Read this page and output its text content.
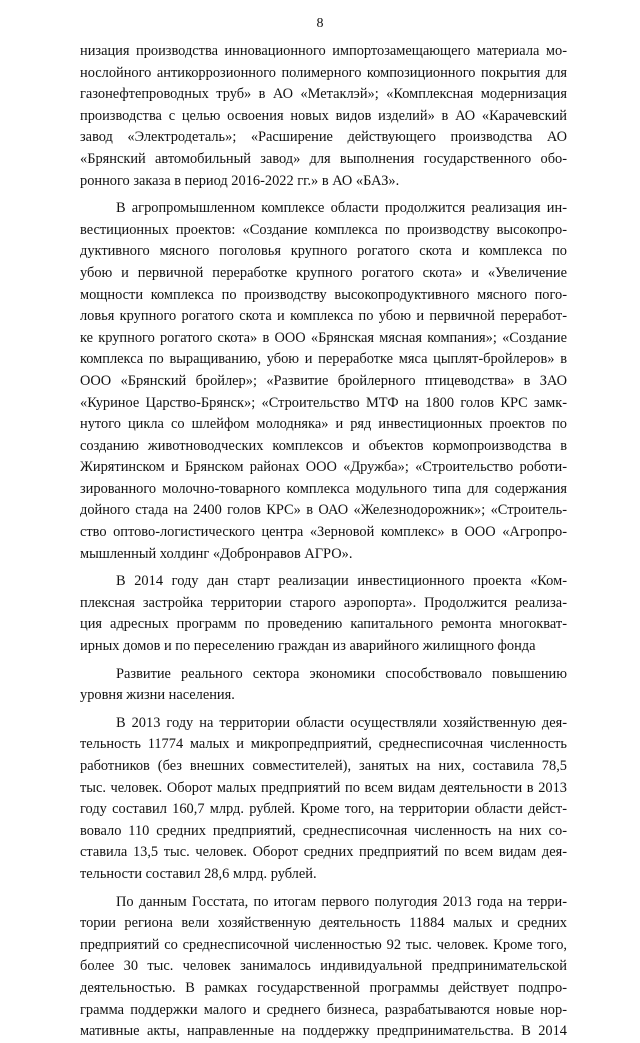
8
низация производства инновационного импортозамещающего материала мо-
нослойного антикоррозионного полимерного композиционного покрытия для
газонефтепроводных труб» в АО «Метаклэй»; «Комплексная модернизация
производства с целью освоения новых видов изделий» в АО «Карачевский
завод «Электродеталь»; «Расширение действующего производства АО
«Брянский автомобильный завод» для выполнения государственного обо-
ронного заказа в период 2016-2022 гг.» в АО «БАЗ».
В агропромышленном комплексе области продолжится реализация ин-
вестиционных проектов: «Создание комплекса по производству высокопро-
дуктивного мясного поголовья крупного рогатого скота и комплекса по
убою и первичной переработке крупного рогатого скота» и «Увеличение
мощности комплекса по производству высокопродуктивного мясного пого-
ловья крупного рогатого скота и комплекса по убою и первичной переработ-
ке крупного рогатого скота» в ООО «Брянская мясная компания»; «Создание
комплекса по выращиванию, убою и переработке мяса цыплят-бройлеров» в
ООО «Брянский бройлер»; «Развитие бройлерного птицеводства» в ЗАО
«Куриное Царство-Брянск»; «Строительство МТФ на 1800 голов КРС замк-
нутого цикла со шлейфом молодняка» и ряд инвестиционных проектов по
созданию животноводческих комплексов и объектов кормопроизводства в
Жирятинском и Брянском районах ООО «Дружба»; «Строительство роботи-
зированного молочно-товарного комплекса модульного типа для содержания
дойного стада на 2400 голов КРС» в ОАО «Железнодорожник»; «Строитель-
ство оптово-логистического центра «Зерновой комплекс» в ООО «Агропро-
мышленный холдинг «Добронравов АГРО».
В 2014 году дан старт реализации инвестиционного проекта «Ком-
плексная застройка территории старого аэропорта». Продолжится реализа-
ция адресных программ по проведению капитального ремонта многокват-
ирных домов и по переселению граждан из аварийного жилищного фонда
Развитие реального сектора экономики способствовало повышению
уровня жизни населения.
В 2013 году на территории области осуществляли хозяйственную дея-
тельность 11774 малых и микропредприятий, среднесписочная численность
работников (без внешних совместителей), занятых на них, составила 78,5
тыс. человек. Оборот малых предприятий по всем видам деятельности в 2013
году составил 160,7 млрд. рублей. Кроме того, на территории области дейст-
вовало 110 средних предприятий, среднесписочная численность на них со-
ставила 13,5 тыс. человек. Оборот средних предприятий по всем видам дея-
тельности составил 28,6 млрд. рублей.
По данным Госстата, по итогам первого полугодия 2013 года на терри-
тории региона вели хозяйственную деятельность 11884 малых и средних
предприятий со среднесписочной численностью 92 тыс. человек. Кроме того,
более 30 тыс. человек занималось индивидуальной предпринимательской
деятельностью. В рамках государственной программы действует подпро-
грамма поддержки малого и среднего бизнеса, разрабатываются новые нор-
мативные акты, направленные на поддержку предпринимательства. В 2014
